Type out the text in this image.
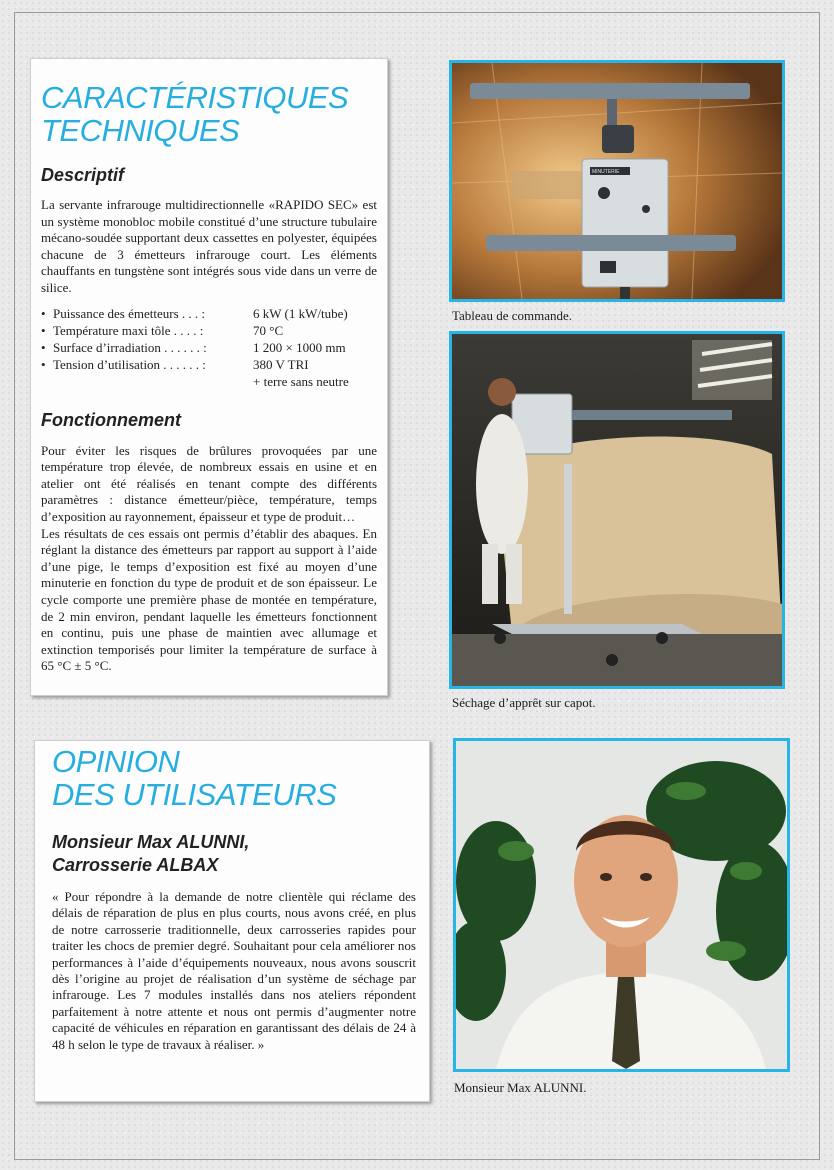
CARACTÉRISTIQUES
TECHNIQUES
Descriptif

La servante infrarouge multidirectionnelle «RAPIDO SEC» est un système monobloc mobile constitué d’une structure tubulaire mécano-soudée supportant deux cassettes en polyester, équipées chacune de 3 émetteurs infrarouge court. Les éléments chauffants en tungstène sont intégrés sous vide dans un verre de silice.

• Puissance des émetteurs . . . :	6 kW (1 kW/tube)
• Température maxi tôle . . . . :	70 °C
• Surface d’irradiation . . . . . . :	1 200 × 1000 mm
• Tension d’utilisation . . . . . . :	380 V TRI
+ terre sans neutre
Fonctionnement

Pour éviter les risques de brûlures provoquées par une température trop élevée, de nombreux essais en usine et en atelier ont été réalisés en tenant compte des différents paramètres : distance émetteur/pièce, température, temps d’exposition au rayonnement, épaisseur et type de produit…

Les résultats de ces essais ont permis d’établir des abaques. En réglant la distance des émetteurs par rapport au support à l’aide d’une pige, le temps d’exposition est fixé au moyen d’une minuterie en fonction du type de produit et de son épaisseur. Le cycle comporte une première phase de montée en température, de 2 min environ, pendant laquelle les émetteurs fonctionnent en continu, puis une phase de maintien avec allumage et extinction temporisés pour limiter la température de surface à 65 °C ± 5 °C.

OPINION
DES UTILISATEURS
Monsieur Max ALUNNI,
Carrosserie ALBAX

« Pour répondre à la demande de notre clientèle qui réclame des délais de réparation de plus en plus courts, nous avons créé, en plus de notre carrosserie traditionnelle, deux carrosseries rapides pour traiter les chocs de premier degré. Souhaitant pour cela améliorer nos performances à l’aide d’équipements nouveaux, nous avons souscrit dès l’origine au projet de réalisation d’un système de séchage par infrarouge. Les 7 modules installés dans nos ateliers répondent parfaitement à notre attente et nous ont permis d’augmenter notre capacité de véhicules en réparation en garantissant des délais de 24 à 48 h selon le type de travaux à réaliser. »

MINUTERIE
Tableau de commande.
Séchage d’apprêt sur capot.
Monsieur Max ALUNNI.
